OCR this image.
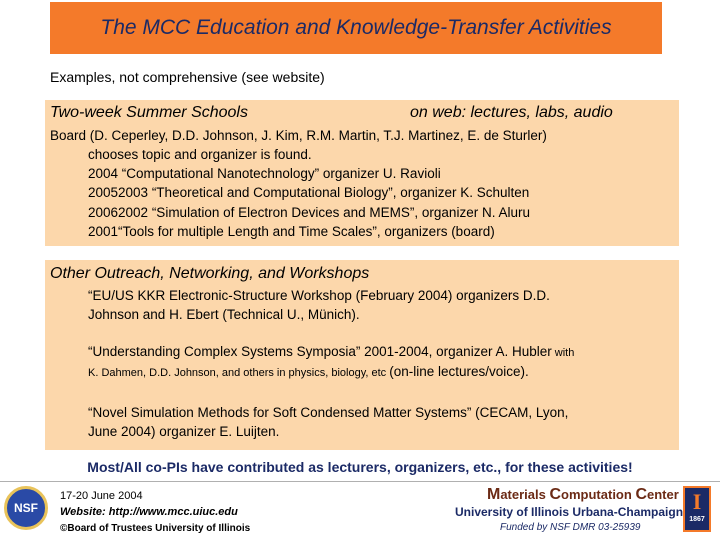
The MCC Education and Knowledge-Transfer Activities
Examples, not comprehensive (see website)
Two-week Summer Schools	on web: lectures, labs, audio
Board (D. Ceperley, D.D. Johnson, J. Kim, R.M. Martin, T.J. Martinez, E. de Sturler)
chooses topic and organizer is found.
2004 “Computational Nanotechnology” organizer U. Ravioli
20052003 “Theoretical and Computational Biology”, organizer K. Schulten
20062002 “Simulation of Electron Devices and MEMS”, organizer N. Aluru
2001“Tools for multiple Length and Time Scales”, organizers (board)
Other Outreach, Networking, and Workshops
“EU/US KKR Electronic-Structure Workshop (February 2004) organizers D.D.
Johnson and H. Ebert (Technical U., Münich).
“Understanding Complex Systems Symposia” 2001-2004, organizer A. Hubler with
K. Dahmen, D.D. Johnson, and others in physics, biology, etc (on-line lectures/voice).
“Novel Simulation Methods for Soft Condensed Matter Systems” (CECAM, Lyon,
June 2004) organizer E. Luijten.
Most/All co-PIs have contributed as lecturers, organizers, etc., for these activities!
NSF
17-20 June 2004
Website: http://www.mcc.uiuc.edu
©Board of Trustees University of Illinois
Materials Computation Center
University of Illinois Urbana-Champaign
Funded by NSF DMR 03-25939
I
1867
